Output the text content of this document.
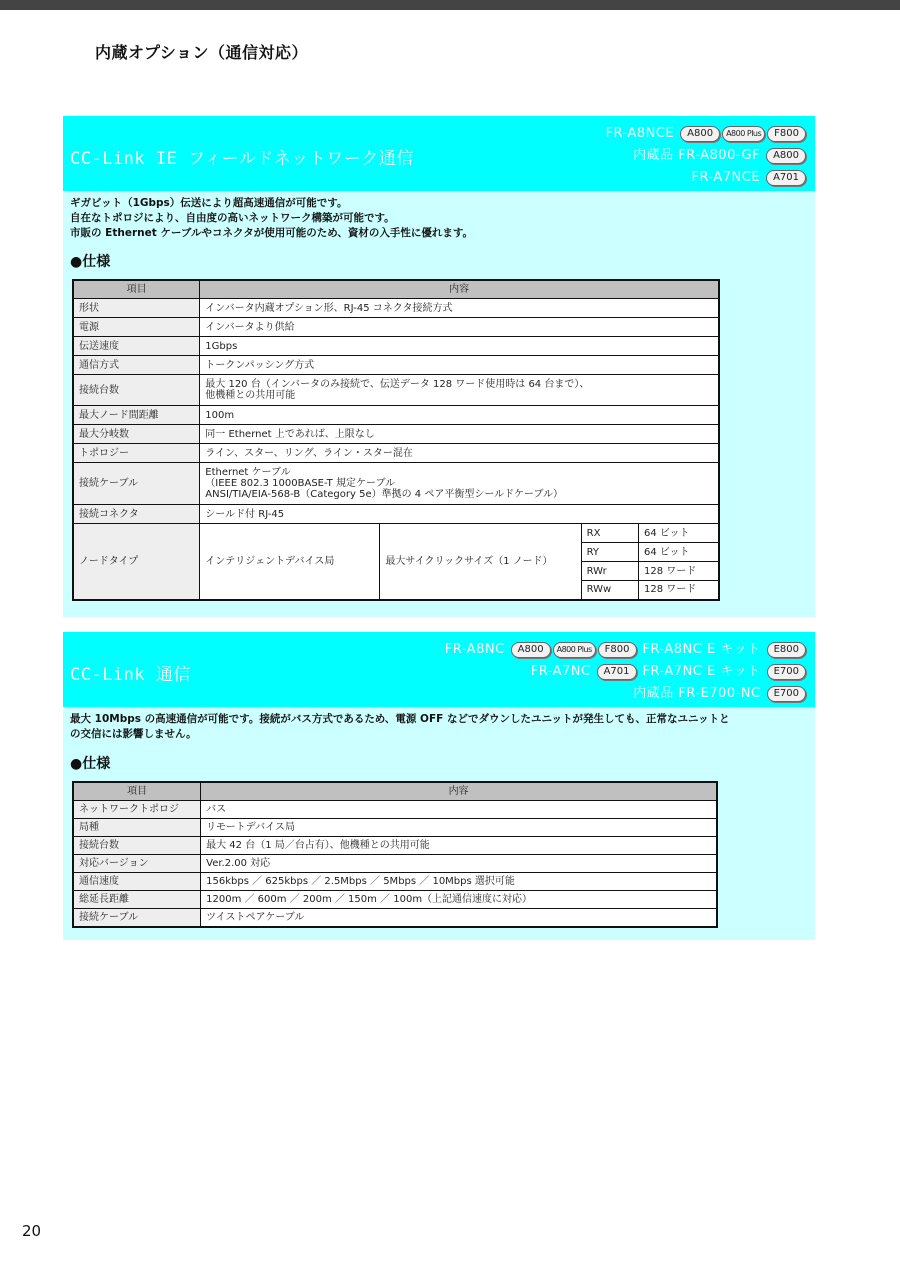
内蔵オプション（通信対応）
CC-Link IE フィールドネットワーク通信
FR-A8NCE A800 A800 Plus F800
内蔵品 FR-A800-GF A800
FR-A7NCE A701
ギガビット（1Gbps）伝送により超高速通信が可能です。
自在なトポロジにより、自由度の高いネットワーク構築が可能です。
市販の Ethernet ケーブルやコネクタが使用可能のため、資材の入手性に優れます。
●仕様
項目	内容			
形状	インバータ内蔵オプション形、RJ-45 コネクタ接続方式			
電源	インバータより供給			
伝送速度	1Gbps			
通信方式	トークンパッシング方式			
接続台数	最大 120 台（インバータのみ接続で、伝送データ 128 ワード使用時は 64 台まで）、
他機種との共用可能			

最大ノード間距離	100m			
最大分岐数	同一 Ethernet 上であれば、上限なし			
トポロジー	ライン、スター、リング、ライン・スター混在			
接続ケーブル	Ethernet ケーブル
（IEEE 802.3 1000BASE-T 規定ケーブル
ANSI/TIA/EIA-568-B（Category 5e）準拠の 4 ペア平衡型シールドケーブル）			

接続コネクタ	シールド付 RJ-45			
ノードタイプ	インテリジェントデバイス局	最大サイクリックサイズ（1 ノード）	RX	64 ビット
			RY	64 ビット
			RWr	128 ワード
			RWw	128 ワード
CC-Link 通信
FR-A8NC A800 A800 Plus F800 FR-A8NC E キット E800
FR-A7NC A701 FR-A7NC E キット E700
内蔵品 FR-E700-NC E700
最大 10Mbps の高速通信が可能です。接続がバス方式であるため、電源 OFF などでダウンしたユニットが発生しても、正常なユニットと
の交信には影響しません。
●仕様
項目	内容
ネットワークトポロジ	バス
局種	リモートデバイス局
接続台数	最大 42 台（1 局／台占有）、他機種との共用可能
対応バージョン	Ver.2.00 対応
通信速度	156kbps ／ 625kbps ／ 2.5Mbps ／ 5Mbps ／ 10Mbps 選択可能
総延長距離	1200m ／ 600m ／ 200m ／ 150m ／ 100m（上記通信速度に対応）
接続ケーブル	ツイストペアケーブル
20
